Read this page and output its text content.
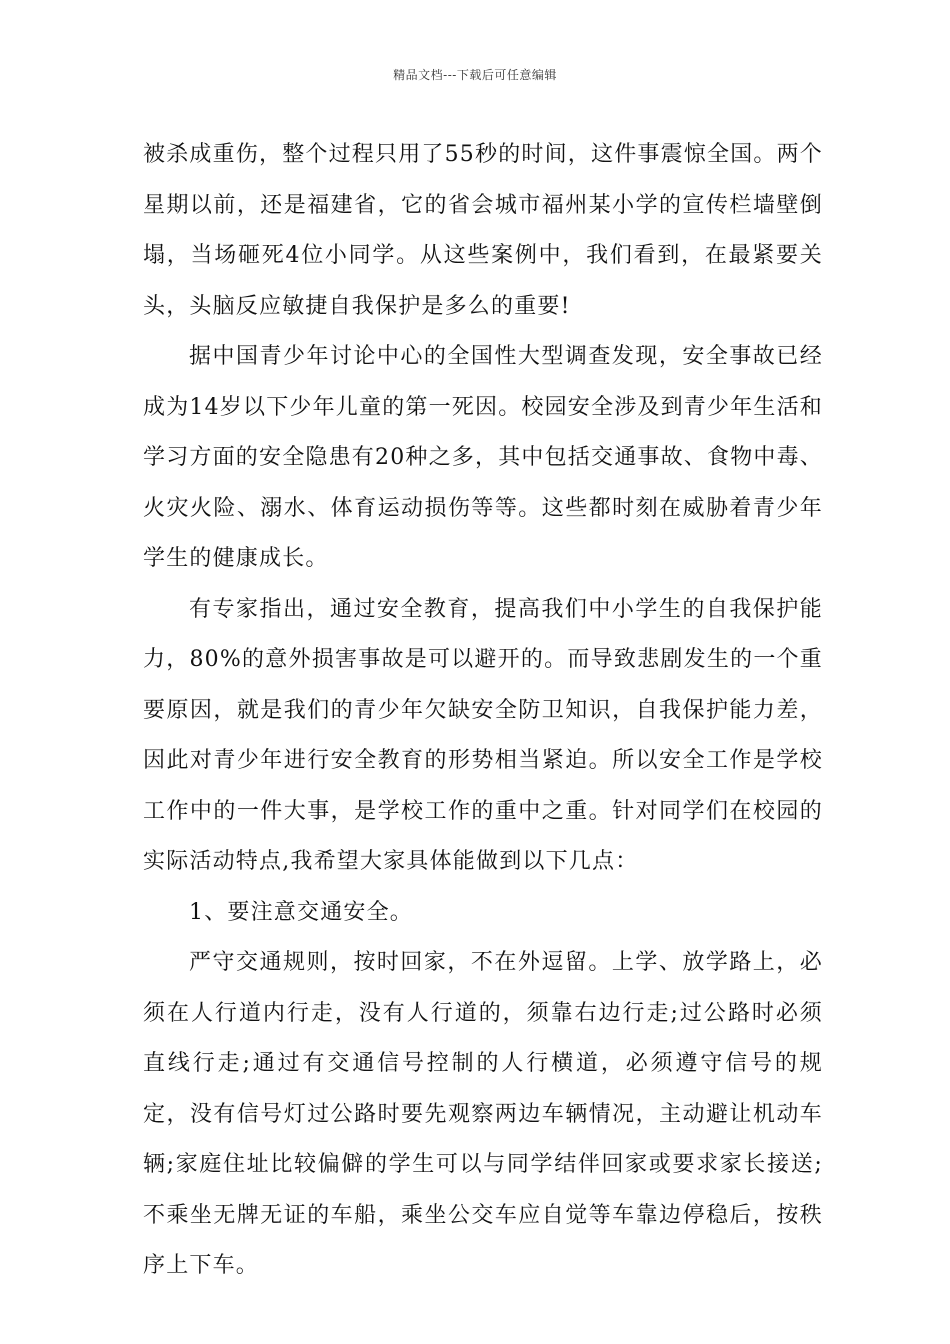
精品文档---下载后可任意编辑

被杀成重伤，整个过程只用了55秒的时间，这件事震惊全国。两个星期以前，还是福建省，它的省会城市福州某小学的宣传栏墙壁倒塌，当场砸死4位小同学。从这些案例中，我们看到，在最紧要关头，头脑反应敏捷自我保护是多么的重要!

据中国青少年讨论中心的全国性大型调查发现，安全事故已经成为14岁以下少年儿童的第一死因。校园安全涉及到青少年生活和学习方面的安全隐患有20种之多，其中包括交通事故、食物中毒、火灾火险、溺水、体育运动损伤等等。这些都时刻在威胁着青少年学生的健康成长。

有专家指出，通过安全教育，提高我们中小学生的自我保护能力，80%的意外损害事故是可以避开的。而导致悲剧发生的一个重要原因，就是我们的青少年欠缺安全防卫知识，自我保护能力差，因此对青少年进行安全教育的形势相当紧迫。所以安全工作是学校工作中的一件大事，是学校工作的重中之重。针对同学们在校园的实际活动特点,我希望大家具体能做到以下几点：

1、要注意交通安全。

严守交通规则，按时回家，不在外逗留。上学、放学路上，必须在人行道内行走，没有人行道的，须靠右边行走;过公路时必须直线行走;通过有交通信号控制的人行横道，必须遵守信号的规定，没有信号灯过公路时要先观察两边车辆情况，主动避让机动车辆;家庭住址比较偏僻的学生可以与同学结伴回家或要求家长接送;不乘坐无牌无证的车船，乘坐公交车应自觉等车靠边停稳后，按秩序上下车。
